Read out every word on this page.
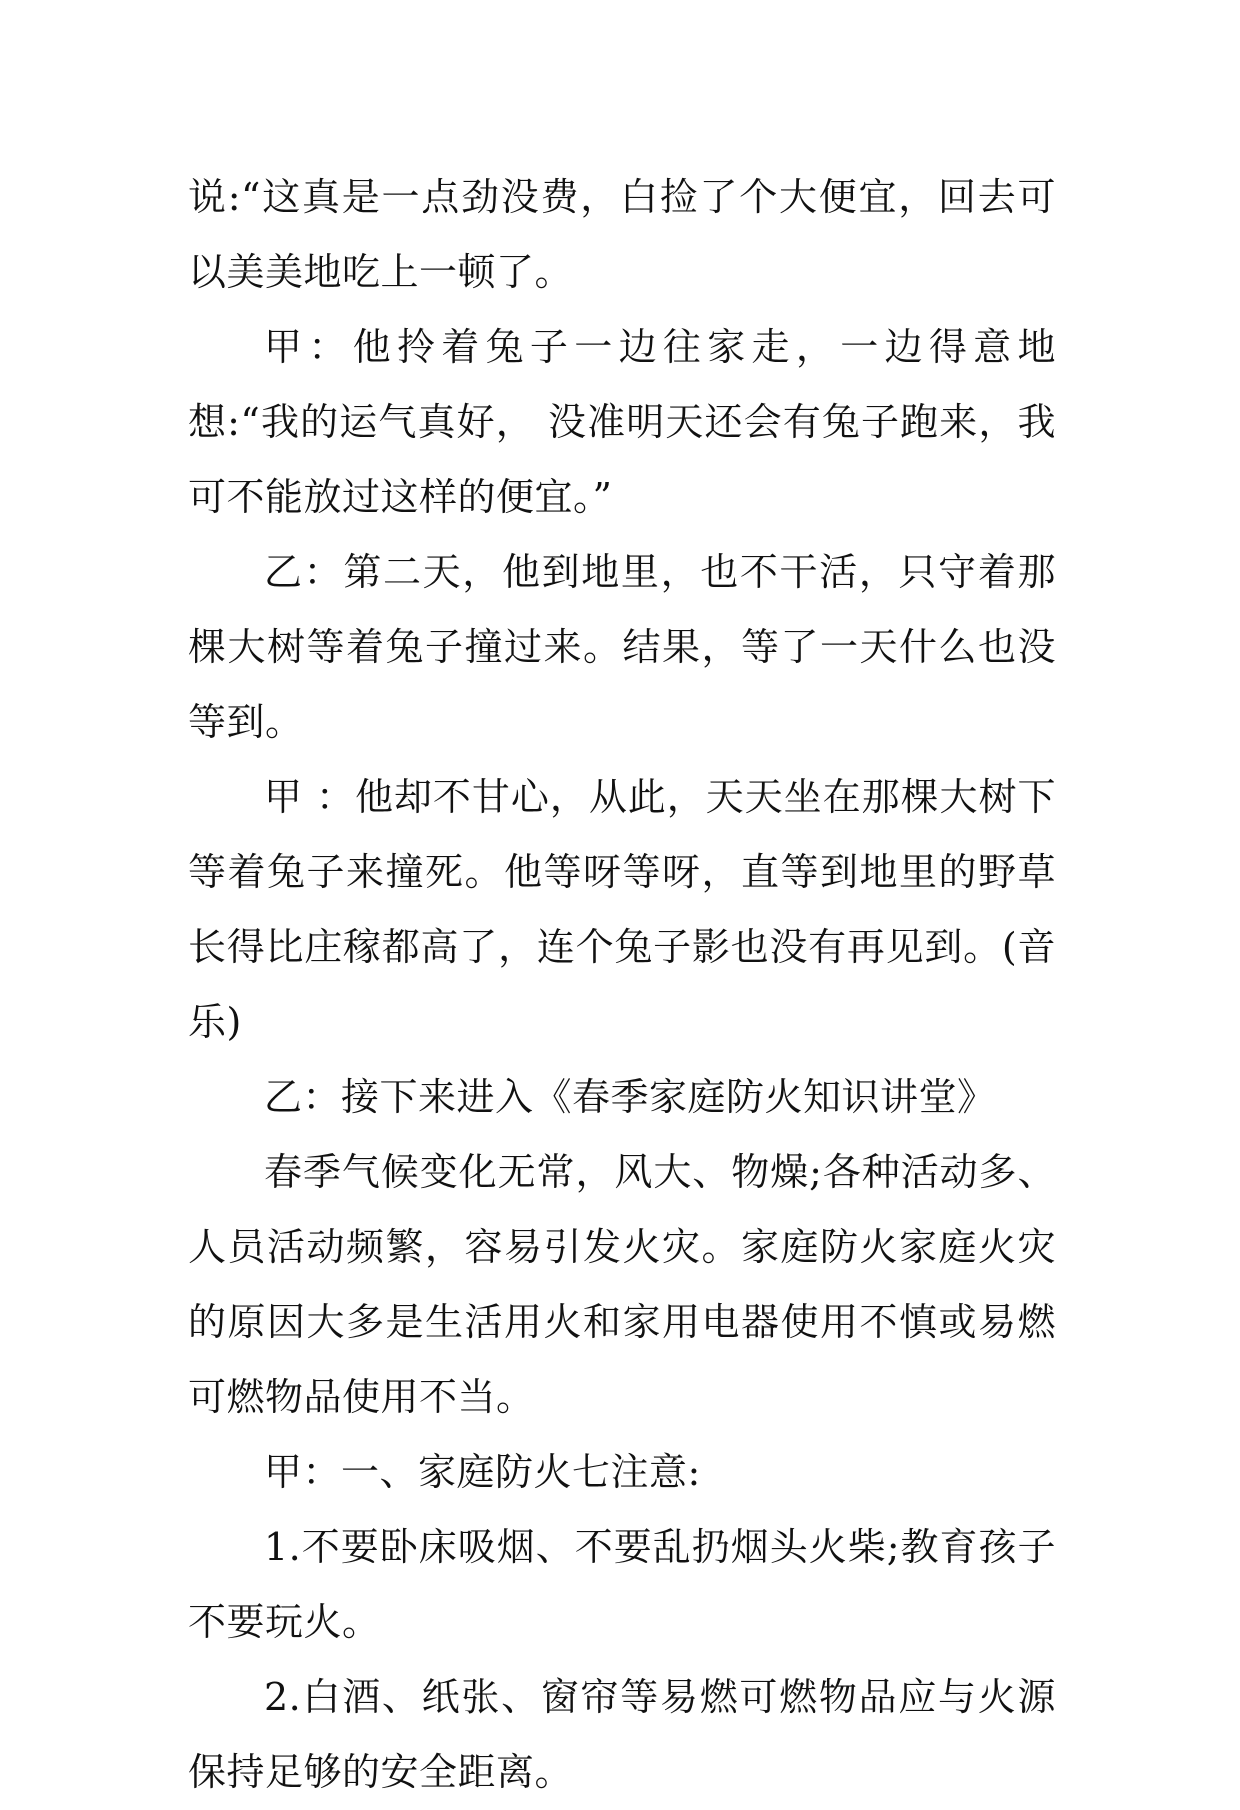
说:“这真是一点劲没费，白捡了个大便宜，回去可以美美地吃上一顿了。

甲：他拎着兔子一边往家走，一边得意地想:“我的运气真好， 没准明天还会有兔子跑来，我可不能放过这样的便宜。”

乙：第二天，他到地里，也不干活，只守着那棵大树等着兔子撞过来。结果，等了一天什么也没等到。

甲 ：他却不甘心，从此，天天坐在那棵大树下等着兔子来撞死。他等呀等呀，直等到地里的野草长得比庄稼都高了，连个兔子影也没有再见到。(音乐)

乙：接下来进入《春季家庭防火知识讲堂》

春季气候变化无常，风大、物燥;各种活动多、人员活动频繁，容易引发火灾。家庭防火家庭火灾的原因大多是生活用火和家用电器使用不慎或易燃可燃物品使用不当。

甲：一、家庭防火七注意:

1.不要卧床吸烟、不要乱扔烟头火柴;教育孩子不要玩火。

2.白酒、纸张、窗帘等易燃可燃物品应与火源保持足够的安全距离。
